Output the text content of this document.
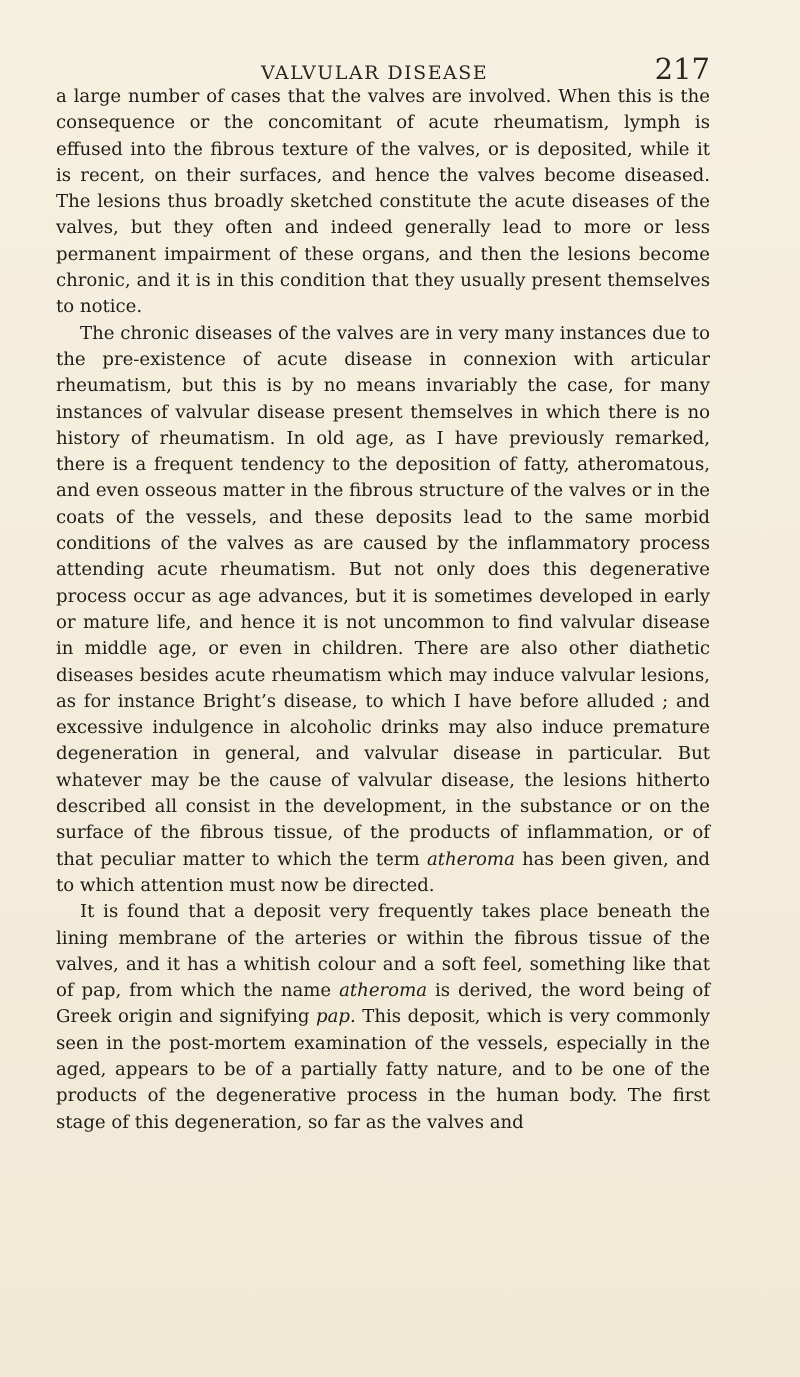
VALVULAR DISEASE	217

a large number of cases that the valves are involved. When this is the consequence or the concomitant of acute rheumatism, lymph is effused into the fibrous texture of the valves, or is deposited, while it is recent, on their surfaces, and hence the valves become diseased. The lesions thus broadly sketched constitute the acute diseases of the valves, but they often and indeed generally lead to more or less permanent impairment of these organs, and then the lesions become chronic, and it is in this condition that they usually present themselves to notice.

The chronic diseases of the valves are in very many instances due to the pre-existence of acute disease in connexion with articular rheumatism, but this is by no means invariably the case, for many instances of valvular disease present themselves in which there is no history of rheumatism. In old age, as I have previously remarked, there is a frequent tendency to the deposition of fatty, atheromatous, and even osseous matter in the fibrous structure of the valves or in the coats of the vessels, and these deposits lead to the same morbid conditions of the valves as are caused by the inflammatory process attending acute rheumatism. But not only does this degenerative process occur as age advances, but it is sometimes developed in early or mature life, and hence it is not uncommon to find valvular disease in middle age, or even in children. There are also other diathetic diseases besides acute rheumatism which may induce valvular lesions, as for instance Bright’s disease, to which I have before alluded ; and excessive indulgence in alcoholic drinks may also induce premature degeneration in general, and valvular disease in particular. But whatever may be the cause of valvular disease, the lesions hitherto described all consist in the development, in the substance or on the surface of the fibrous tissue, of the products of inflammation, or of that peculiar matter to which the term atheroma has been given, and to which attention must now be directed.

It is found that a deposit very frequently takes place beneath the lining membrane of the arteries or within the fibrous tissue of the valves, and it has a whitish colour and a soft feel, something like that of pap, from which the name atheroma is derived, the word being of Greek origin and signifying pap. This deposit, which is very commonly seen in the post-mortem examination of the vessels, especially in the aged, appears to be of a partially fatty nature, and to be one of the products of the degenerative process in the human body. The first stage of this degeneration, so far as the valves and
